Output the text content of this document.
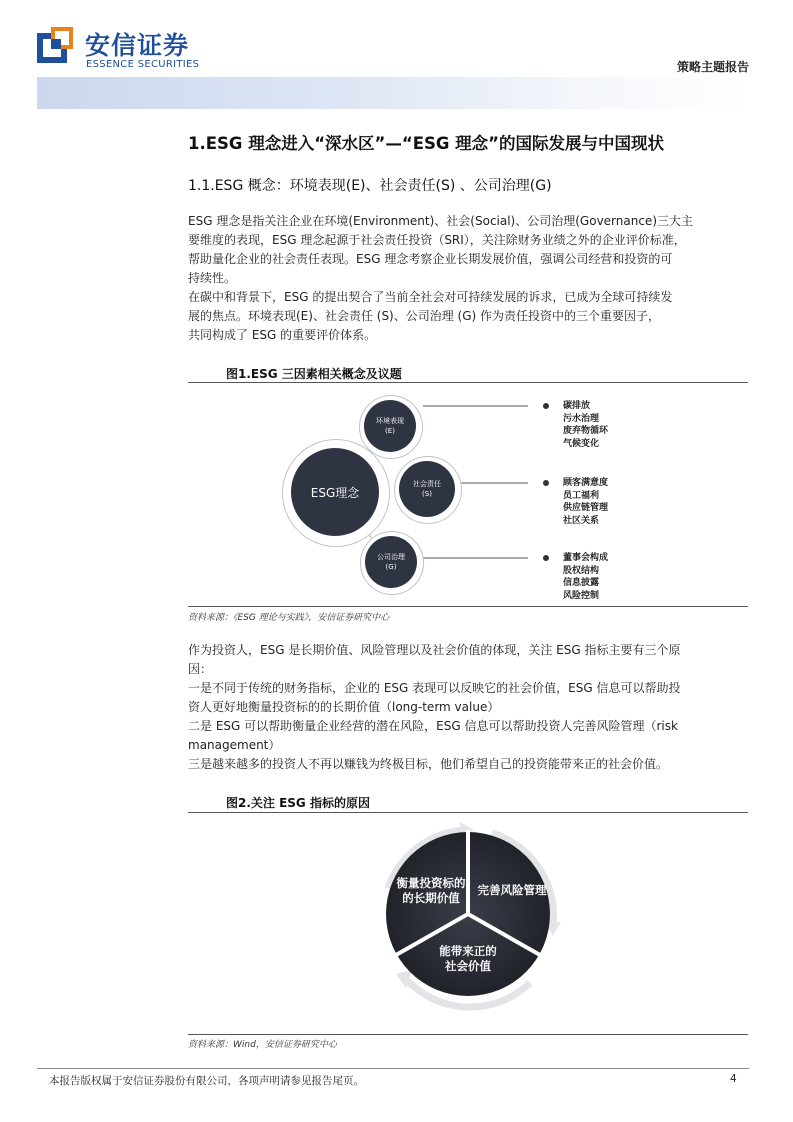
安信证券
ESSENCE SECURITIES	策略主题报告
1.ESG 理念进入“深水区”—“ESG 理念”的国际发展与中国现状
1.1.ESG 概念：环境表现(E)、社会责任(S) 、公司治理(G)
ESG 理念是指关注企业在环境(Environment)、社会(Social)、公司治理(Governance)三大主
要维度的表现，ESG 理念起源于社会责任投资（SRI），关注除财务业绩之外的企业评价标准，
帮助量化企业的社会责任表现。ESG 理念考察企业长期发展价值，强调公司经营和投资的可
持续性。
在碳中和背景下，ESG 的提出契合了当前全社会对可持续发展的诉求，已成为全球可持续发
展的焦点。环境表现(E)、社会责任 (S)、公司治理 (G) 作为责任投资中的三个重要因子，
共同构成了 ESG 的重要评价体系。
图1.ESG 三因素相关概念及议题
ESG理念
环境表现
(E)
社会责任
(S)
公司治理
(G)
碳排放
污水治理
废弃物循环
气候变化
顾客满意度
员工福利
供应链管理
社区关系
董事会构成
股权结构
信息披露
风险控制
资料来源：《ESG 理论与实践》，安信证券研究中心
作为投资人，ESG 是长期价值、风险管理以及社会价值的体现，关注 ESG 指标主要有三个原
因：
一是不同于传统的财务指标，企业的 ESG 表现可以反映它的社会价值，ESG 信息可以帮助投
资人更好地衡量投资标的的长期价值（long-term value）
二是 ESG 可以帮助衡量企业经营的潜在风险，ESG 信息可以帮助投资人完善风险管理（risk
management）
三是越来越多的投资人不再以赚钱为终极目标，他们希望自己的投资能带来正的社会价值。
图2.关注 ESG 指标的原因
衡量投资标的
的长期价值
完善风险管理
能带来正的
社会价值
资料来源：Wind，安信证券研究中心
本报告版权属于安信证券股份有限公司，各项声明请参见报告尾页。	4
